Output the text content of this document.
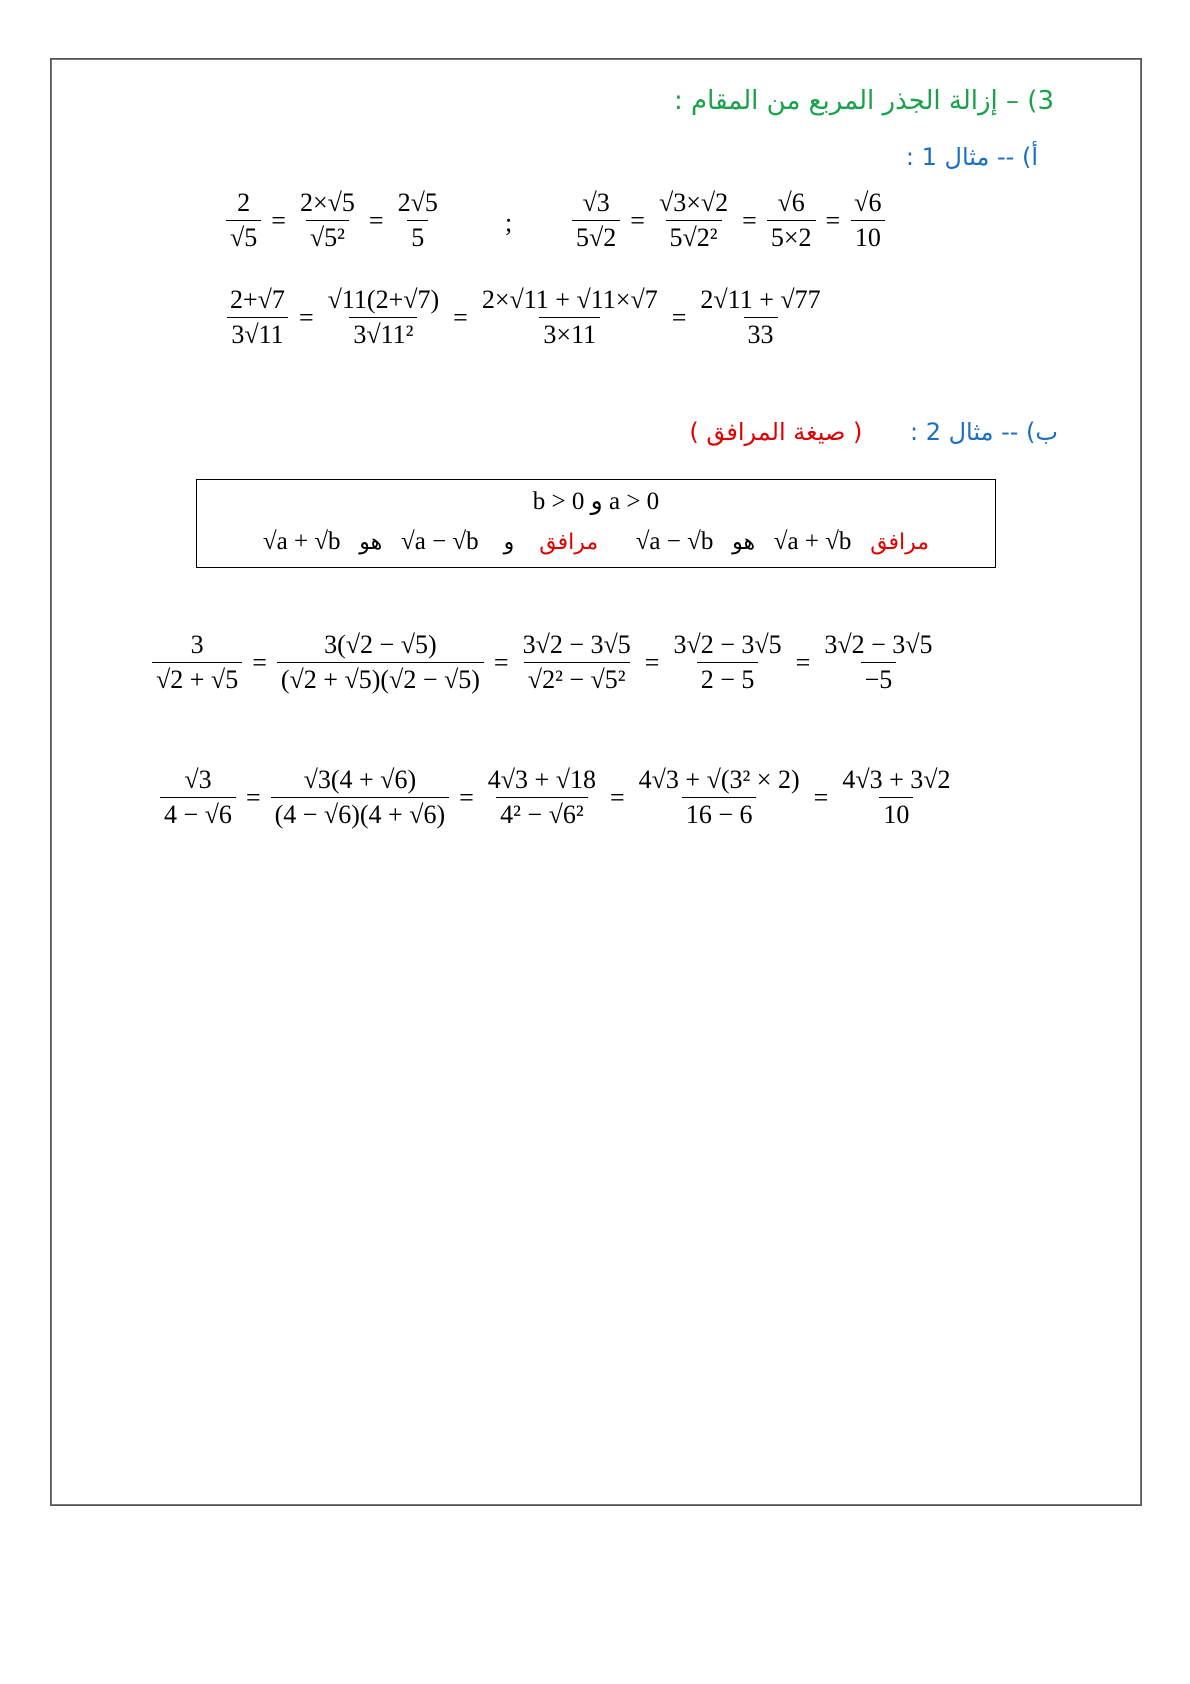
3) – إزالة الجذر المربع من المقام :
أ) -- مثال 1 :
ب) -- مثال 2 : ( صيغة المرافق )
$\frac{2}{√5} = \frac{2\times√5}{\text{√5²}} = \frac{2√5}{5}$ ; $\frac{√3}{5√2} = \frac{√3\times√2}{\text{5√2²}} = \frac{√6}{5\times 2} = \frac{√6}{10}$
$\frac{2+√7}{3√11} = \frac{√11(2+√7)}{\text{3√11²}} = \frac{2\times√11 + √11\times√7}{3\times 11} = \frac{2√11 + √77}{33}$
b > 0 و a > 0
√a + √b هو √a − √b	مرافق    و	√a − √b هو √a + √b مرافق
$\frac{3}{√2 + √5} = \frac{3(√2 - √5)}{(√2 + √5)(√2 - √5)} = \frac{3√2 - 3√5}{\text{√2² − √5²}} = \frac{3√2 - 3√5}{2 - 5} = \frac{3√2 - 3√5}{-5}$
$\frac{√3}{4 - √6} = \frac{√3(4 + √6)}{(4 - √6)(4 + √6)} = \frac{4√3 + √18}{\text{4² − √6²}} = \frac{\text{4√3 + √(3² × 2)}}{16 - 6} = \frac{4√3 + 3√2}{10}$
